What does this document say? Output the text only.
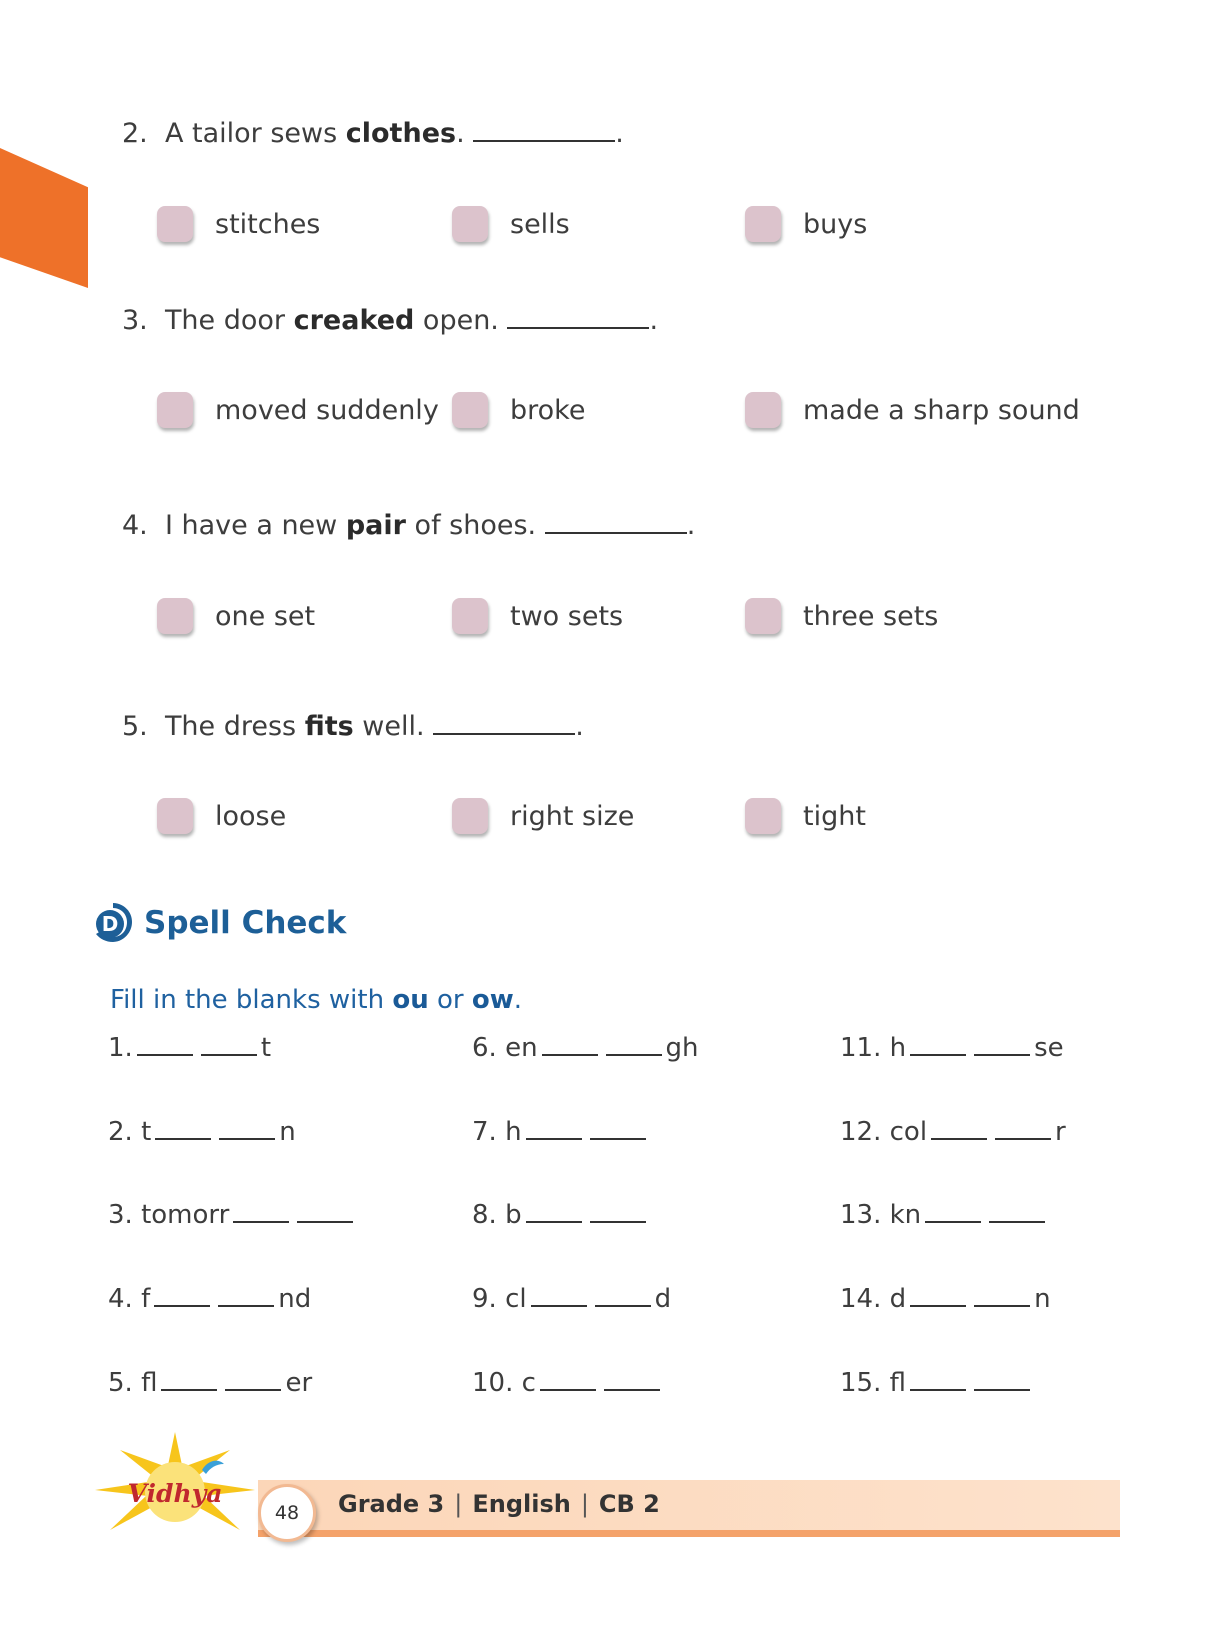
2. A tailor sews clothes.	.
stitches	sells	buys
3. The door creaked open.	.
moved suddenly	broke	made a sharp sound
4. I have a new pair of shoes.	.
one set	two sets	three sets
5. The dress fits well.	.
loose	right size	tight
D Spell Check
Fill in the blanks with ou or ow.
1.	t	6. en	gh	11. h	se
2. t	n	7. h	12. col	r
3. tomorr	8. b	13. kn
4. f	nd	9. cl	d	14. d	n
5. fl	er	10. c	15. fl
Vidhya
48	Grade 3 | English | CB 2
